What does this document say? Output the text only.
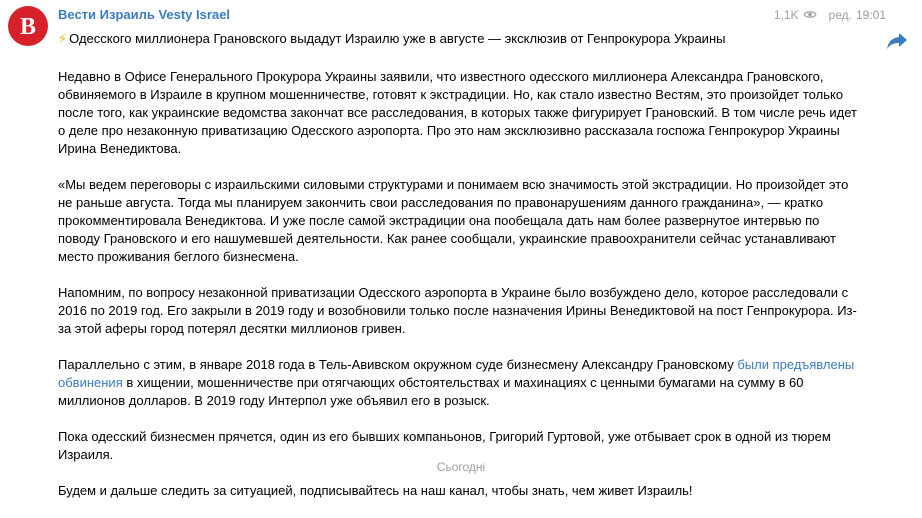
B Вести Израиль Vesty Israel	1,1K	ред. 19:01
⚡ Одесского миллионера Грановского выдадут Израилю уже в августе — эксклюзив от Генпрокурора Украины

Недавно в Офисе Генерального Прокурора Украины заявили, что известного одесского миллионера Александра Грановского, обвиняемого в Израиле в крупном мошенничестве, готовят к экстрадиции. Но, как стало известно Вестям, это произойдет только после того, как украинские ведомства закончат все расследования, в которых также фигурирует Грановский. В том числе речь идет о деле про незаконную приватизацию Одесского аэропорта. Про это нам эксклюзивно рассказала госпожа Генпрокурор Украины Ирина Венедиктова.

«Мы ведем переговоры с израильскими силовыми структурами и понимаем всю значимость этой экстрадиции. Но произойдет это не раньше августа. Тогда мы планируем закончить свои расследования по правонарушениям данного гражданина», — кратко прокомментировала Венедиктова. И уже после самой экстрадиции она пообещала дать нам более развернутое интервью по поводу Грановского и его нашумевшей деятельности. Как ранее сообщали, украинские правоохранители сейчас устанавливают место проживания беглого бизнесмена.

Напомним, по вопросу незаконной приватизации Одесского аэропорта в Украине было возбуждено дело, которое расследовали с 2016 по 2019 год. Его закрыли в 2019 году и возобновили только после назначения Ирины Венедиктовой на пост Генпрокурора. Из-за этой аферы город потерял десятки миллионов гривен.

Параллельно с этим, в январе 2018 года в Тель-Авивском окружном суде бизнесмену Александру Грановскому были предъявлены обвинения в хищении, мошенничестве при отягчающих обстоятельствах и махинациях с ценными бумагами на сумму в 60 миллионов долларов. В 2019 году Интерпол уже объявил его в розыск.

Пока одесский бизнесмен прячется, один из его бывших компаньонов, Григорий Гуртовой, уже отбывает срок в одной из тюрем Израиля.

Будем и дальше следить за ситуацией, подписывайтесь на наш канал, чтобы знать, чем живет Израиль!

Сьогодні
